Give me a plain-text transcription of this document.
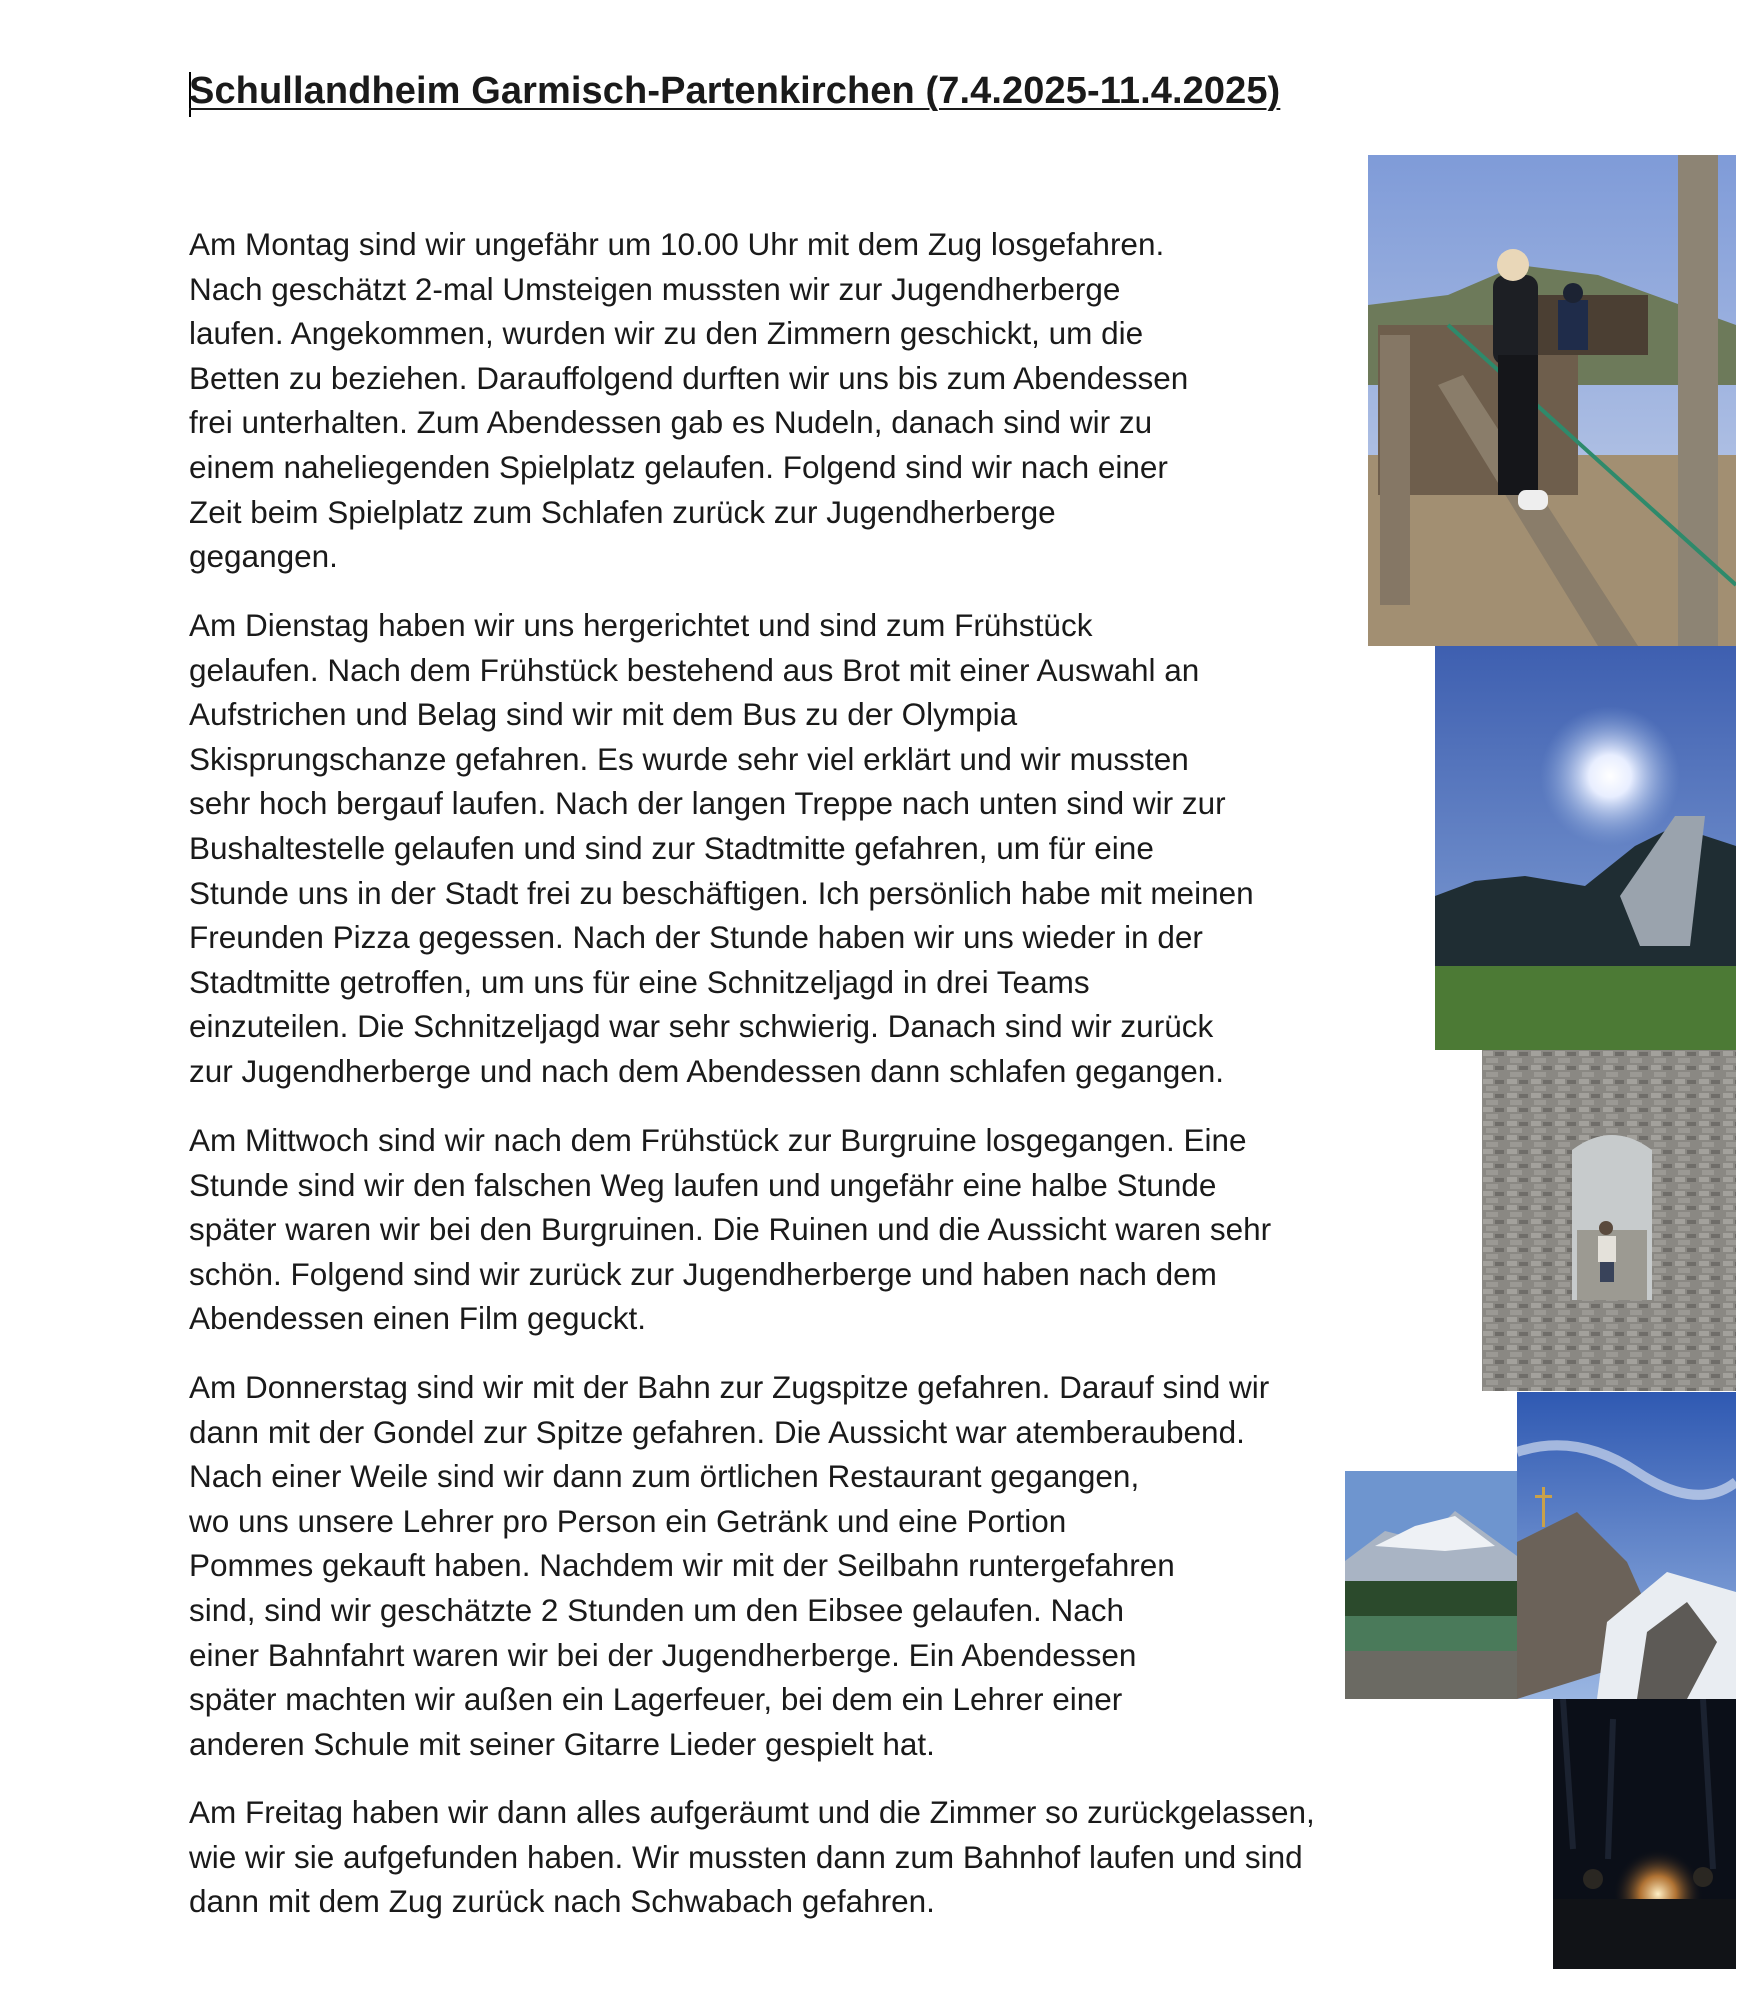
Schullandheim Garmisch-Partenkirchen (7.4.2025-11.4.2025)
Am Montag sind wir ungefähr um 10.00 Uhr mit dem Zug losgefahren.
Nach geschätzt 2-mal Umsteigen mussten wir zur Jugendherberge
laufen. Angekommen, wurden wir zu den Zimmern geschickt, um die
Betten zu beziehen. Darauffolgend durften wir uns bis zum Abendessen
frei unterhalten. Zum Abendessen gab es Nudeln, danach sind wir zu
einem naheliegenden Spielplatz gelaufen. Folgend sind wir nach einer
Zeit beim Spielplatz zum Schlafen zurück zur Jugendherberge
gegangen.
Am Dienstag haben wir uns hergerichtet und sind zum Frühstück
gelaufen. Nach dem Frühstück bestehend aus Brot mit einer Auswahl an
Aufstrichen und Belag sind wir mit dem Bus zu der Olympia
Skisprungschanze gefahren. Es wurde sehr viel erklärt und wir mussten
sehr hoch bergauf laufen. Nach der langen Treppe nach unten sind wir zur
Bushaltestelle gelaufen und sind zur Stadtmitte gefahren, um für eine
Stunde uns in der Stadt frei zu beschäftigen. Ich persönlich habe mit meinen
Freunden Pizza gegessen. Nach der Stunde haben wir uns wieder in der
Stadtmitte getroffen, um uns für eine Schnitzeljagd in drei Teams
einzuteilen. Die Schnitzeljagd war sehr schwierig. Danach sind wir zurück
zur Jugendherberge und nach dem Abendessen dann schlafen gegangen.
Am Mittwoch sind wir nach dem Frühstück zur Burgruine losgegangen. Eine
Stunde sind wir den falschen Weg laufen und ungefähr eine halbe Stunde
später waren wir bei den Burgruinen. Die Ruinen und die Aussicht waren sehr
schön. Folgend sind wir zurück zur Jugendherberge und haben nach dem
Abendessen einen Film geguckt.
Am Donnerstag sind wir mit der Bahn zur Zugspitze gefahren. Darauf sind wir
dann mit der Gondel zur Spitze gefahren. Die Aussicht war atemberaubend.
Nach einer Weile sind wir dann zum örtlichen Restaurant gegangen,
wo uns unsere Lehrer pro Person ein Getränk und eine Portion
Pommes gekauft haben. Nachdem wir mit der Seilbahn runtergefahren
sind, sind wir geschätzte 2 Stunden um den Eibsee gelaufen. Nach
einer Bahnfahrt waren wir bei der Jugendherberge. Ein Abendessen
später machten wir außen ein Lagerfeuer, bei dem ein Lehrer einer
anderen Schule mit seiner Gitarre Lieder gespielt hat.
Am Freitag haben wir dann alles aufgeräumt und die Zimmer so zurückgelassen,
wie wir sie aufgefunden haben. Wir mussten dann zum Bahnhof laufen und sind
dann mit dem Zug zurück nach Schwabach gefahren.
